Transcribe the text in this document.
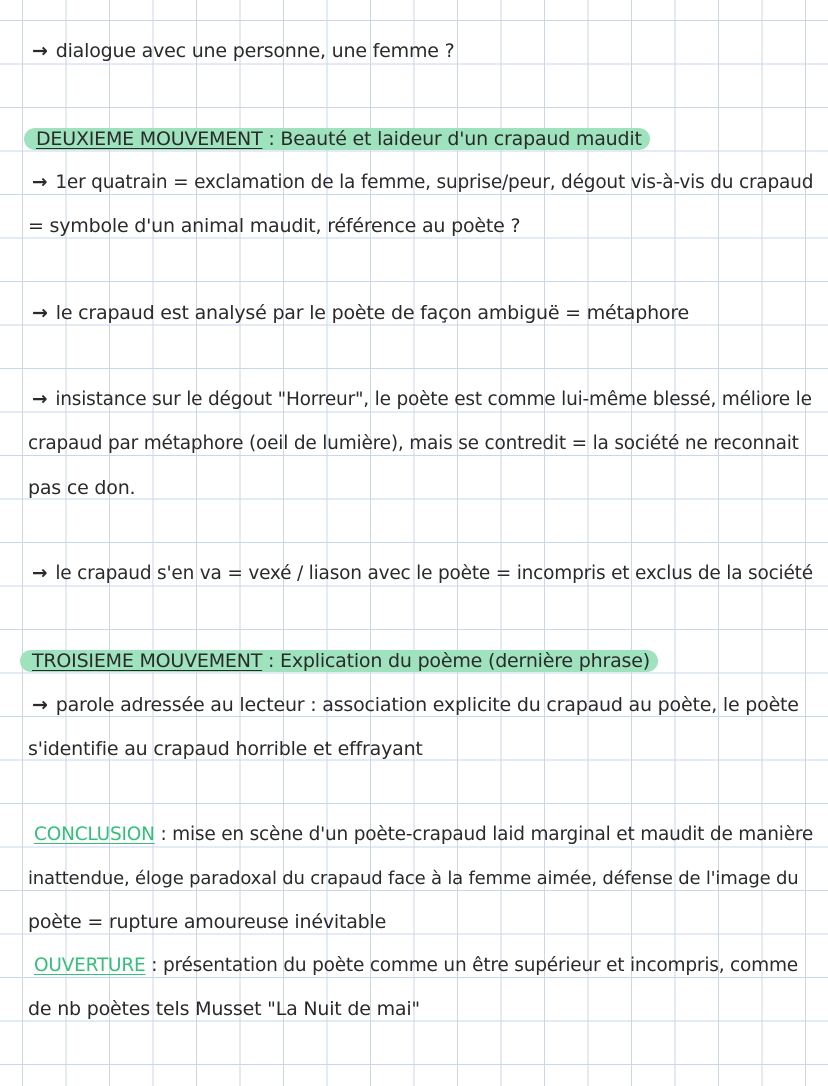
→ dialogue avec une personne, une femme ?
DEUXIEME MOUVEMENT : Beauté et laideur d'un crapaud maudit
→ 1er quatrain = exclamation de la femme, suprise/peur, dégout vis-à-vis du crapaud
= symbole d'un animal maudit, référence au poète ?
→ le crapaud est analysé par le poète de façon ambiguë = métaphore
→ insistance sur le dégout "Horreur", le poète est comme lui-même blessé, méliore le
crapaud par métaphore (oeil de lumière), mais se contredit = la société ne reconnait
pas ce don.
→ le crapaud s'en va = vexé / liason avec le poète = incompris et exclus de la société
TROISIEME MOUVEMENT : Explication du poème (dernière phrase)
→ parole adressée au lecteur : association explicite du crapaud au poète, le poète
s'identifie au crapaud horrible et effrayant
CONCLUSION : mise en scène d'un poète-crapaud laid marginal et maudit de manière
inattendue, éloge paradoxal du crapaud face à la femme aimée, défense de l'image du
poète = rupture amoureuse inévitable
OUVERTURE : présentation du poète comme un être supérieur et incompris, comme
de nb poètes tels Musset "La Nuit de mai"
